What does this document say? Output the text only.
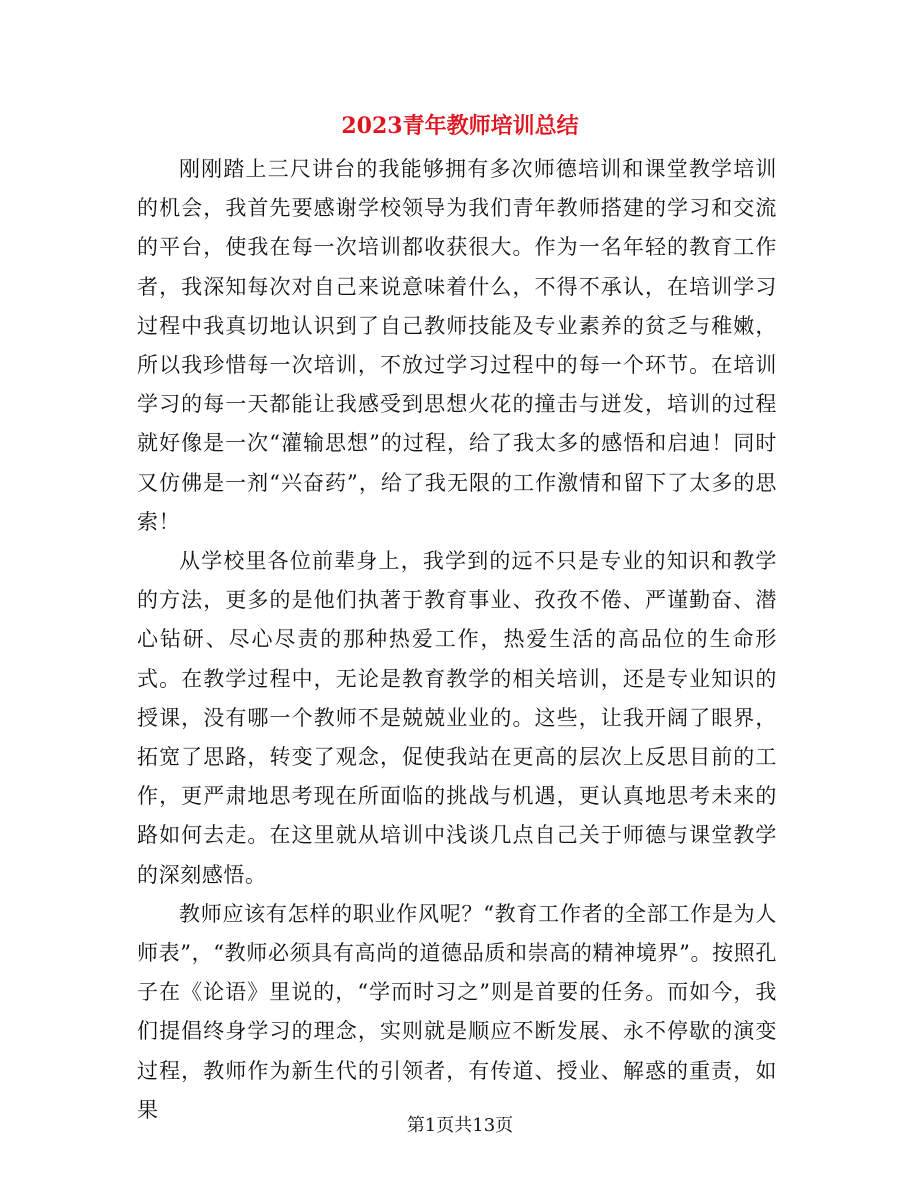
2023青年教师培训总结

刚刚踏上三尺讲台的我能够拥有多次师德培训和课堂教学培训的机会，我首先要感谢学校领导为我们青年教师搭建的学习和交流的平台，使我在每一次培训都收获很大。作为一名年轻的教育工作者，我深知每次对自己来说意味着什么，不得不承认，在培训学习过程中我真切地认识到了自己教师技能及专业素养的贫乏与稚嫩，所以我珍惜每一次培训，不放过学习过程中的每一个环节。在培训学习的每一天都能让我感受到思想火花的撞击与迸发，培训的过程就好像是一次“灌输思想”的过程，给了我太多的感悟和启迪！同时又仿佛是一剂“兴奋药”，给了我无限的工作激情和留下了太多的思索！

从学校里各位前辈身上，我学到的远不只是专业的知识和教学的方法，更多的是他们执著于教育事业、孜孜不倦、严谨勤奋、潜心钻研、尽心尽责的那种热爱工作，热爱生活的高品位的生命形式。在教学过程中，无论是教育教学的相关培训，还是专业知识的授课，没有哪一个教师不是兢兢业业的。这些，让我开阔了眼界，拓宽了思路，转变了观念，促使我站在更高的层次上反思目前的工作，更严肃地思考现在所面临的挑战与机遇，更认真地思考未来的路如何去走。在这里就从培训中浅谈几点自己关于师德与课堂教学的深刻感悟。

教师应该有怎样的职业作风呢？“教育工作者的全部工作是为人师表”，“教师必须具有高尚的道德品质和崇高的精神境界”。按照孔子在《论语》里说的，“学而时习之”则是首要的任务。而如今，我们提倡终身学习的理念，实则就是顺应不断发展、永不停歇的演变过程，教师作为新生代的引领者，有传道、授业、解惑的重责，如果

第1页共13页
